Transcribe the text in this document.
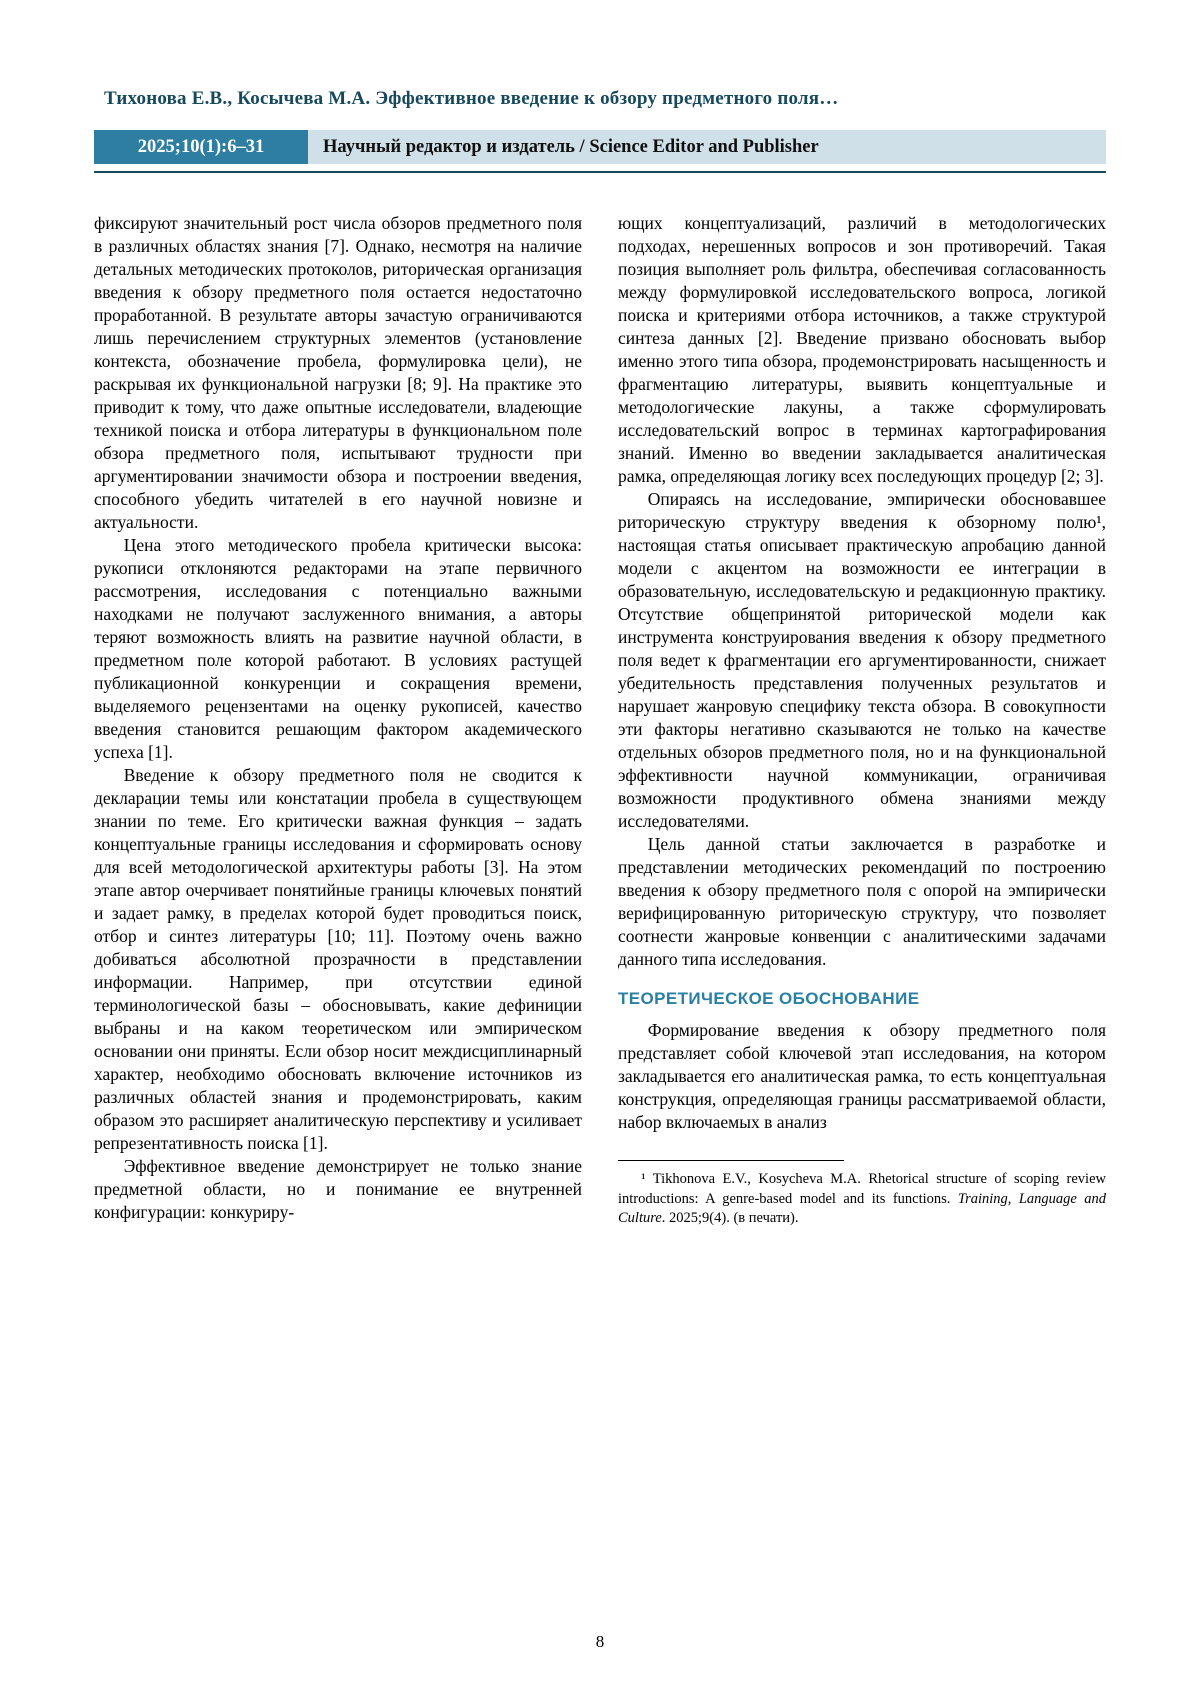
Тихонова Е.В., Косычева М.А. Эффективное введение к обзору предметного поля…
2025;10(1):6–31	Научный редактор и издатель / Science Editor and Publisher

фиксируют значительный рост числа обзоров предметного поля в различных областях знания [7]. Однако, несмотря на наличие детальных методических протоколов, риторическая организация введения к обзору предметного поля остается недостаточно проработанной. В результате авторы зачастую ограничиваются лишь перечислением структурных элементов (установление контекста, обозначение пробела, формулировка цели), не раскрывая их функциональной нагрузки [8; 9]. На практике это приводит к тому, что даже опытные исследователи, владеющие техникой поиска и отбора литературы в функциональном поле обзора предметного поля, испытывают трудности при аргументировании значимости обзора и построении введения, способного убедить читателей в его научной новизне и актуальности.

Цена этого методического пробела критически высока: рукописи отклоняются редакторами на этапе первичного рассмотрения, исследования с потенциально важными находками не получают заслуженного внимания, а авторы теряют возможность влиять на развитие научной области, в предметном поле которой работают. В условиях растущей публикационной конкуренции и сокращения времени, выделяемого рецензентами на оценку рукописей, качество введения становится решающим фактором академического успеха [1].

Введение к обзору предметного поля не сводится к декларации темы или констатации пробела в существующем знании по теме. Его критически важная функция – задать концептуальные границы исследования и сформировать основу для всей методологической архитектуры работы [3]. На этом этапе автор очерчивает понятийные границы ключевых понятий и задает рамку, в пределах которой будет проводиться поиск, отбор и синтез литературы [10; 11]. Поэтому очень важно добиваться абсолютной прозрачности в представлении информации. Например, при отсутствии единой терминологической базы – обосновывать, какие дефиниции выбраны и на каком теоретическом или эмпирическом основании они приняты. Если обзор носит междисциплинарный характер, необходимо обосновать включение источников из различных областей знания и продемонстрировать, каким образом это расширяет аналитическую перспективу и усиливает репрезентативность поиска [1].

Эффективное введение демонстрирует не только знание предметной области, но и понимание ее внутренней конфигурации: конкуриру-

ющих концептуализаций, различий в методологических подходах, нерешенных вопросов и зон противоречий. Такая позиция выполняет роль фильтра, обеспечивая согласованность между формулировкой исследовательского вопроса, логикой поиска и критериями отбора источников, а также структурой синтеза данных [2]. Введение призвано обосновать выбор именно этого типа обзора, продемонстрировать насыщенность и фрагментацию литературы, выявить концептуальные и методологические лакуны, а также сформулировать исследовательский вопрос в терминах картографирования знаний. Именно во введении закладывается аналитическая рамка, определяющая логику всех последующих процедур [2; 3].

Опираясь на исследование, эмпирически обосновавшее риторическую структуру введения к обзорному полю¹, настоящая статья описывает практическую апробацию данной модели с акцентом на возможности ее интеграции в образовательную, исследовательскую и редакционную практику. Отсутствие общепринятой риторической модели как инструмента конструирования введения к обзору предметного поля ведет к фрагментации его аргументированности, снижает убедительность представления полученных результатов и нарушает жанровую специфику текста обзора. В совокупности эти факторы негативно сказываются не только на качестве отдельных обзоров предметного поля, но и на функциональной эффективности научной коммуникации, ограничивая возможности продуктивного обмена знаниями между исследователями.

Цель данной статьи заключается в разработке и представлении методических рекомендаций по построению введения к обзору предметного поля с опорой на эмпирически верифицированную риторическую структуру, что позволяет соотнести жанровые конвенции с аналитическими задачами данного типа исследования.

ТЕОРЕТИЧЕСКОЕ ОБОСНОВАНИЕ

Формирование введения к обзору предметного поля представляет собой ключевой этап исследования, на котором закладывается его аналитическая рамка, то есть концептуальная конструкция, определяющая границы рассматриваемой области, набор включаемых в анализ

¹ Tikhonova E.V., Kosycheva M.A. Rhetorical structure of scoping review introductions: A genre-based model and its functions. Training, Language and Culture. 2025;9(4). (в печати).

8
